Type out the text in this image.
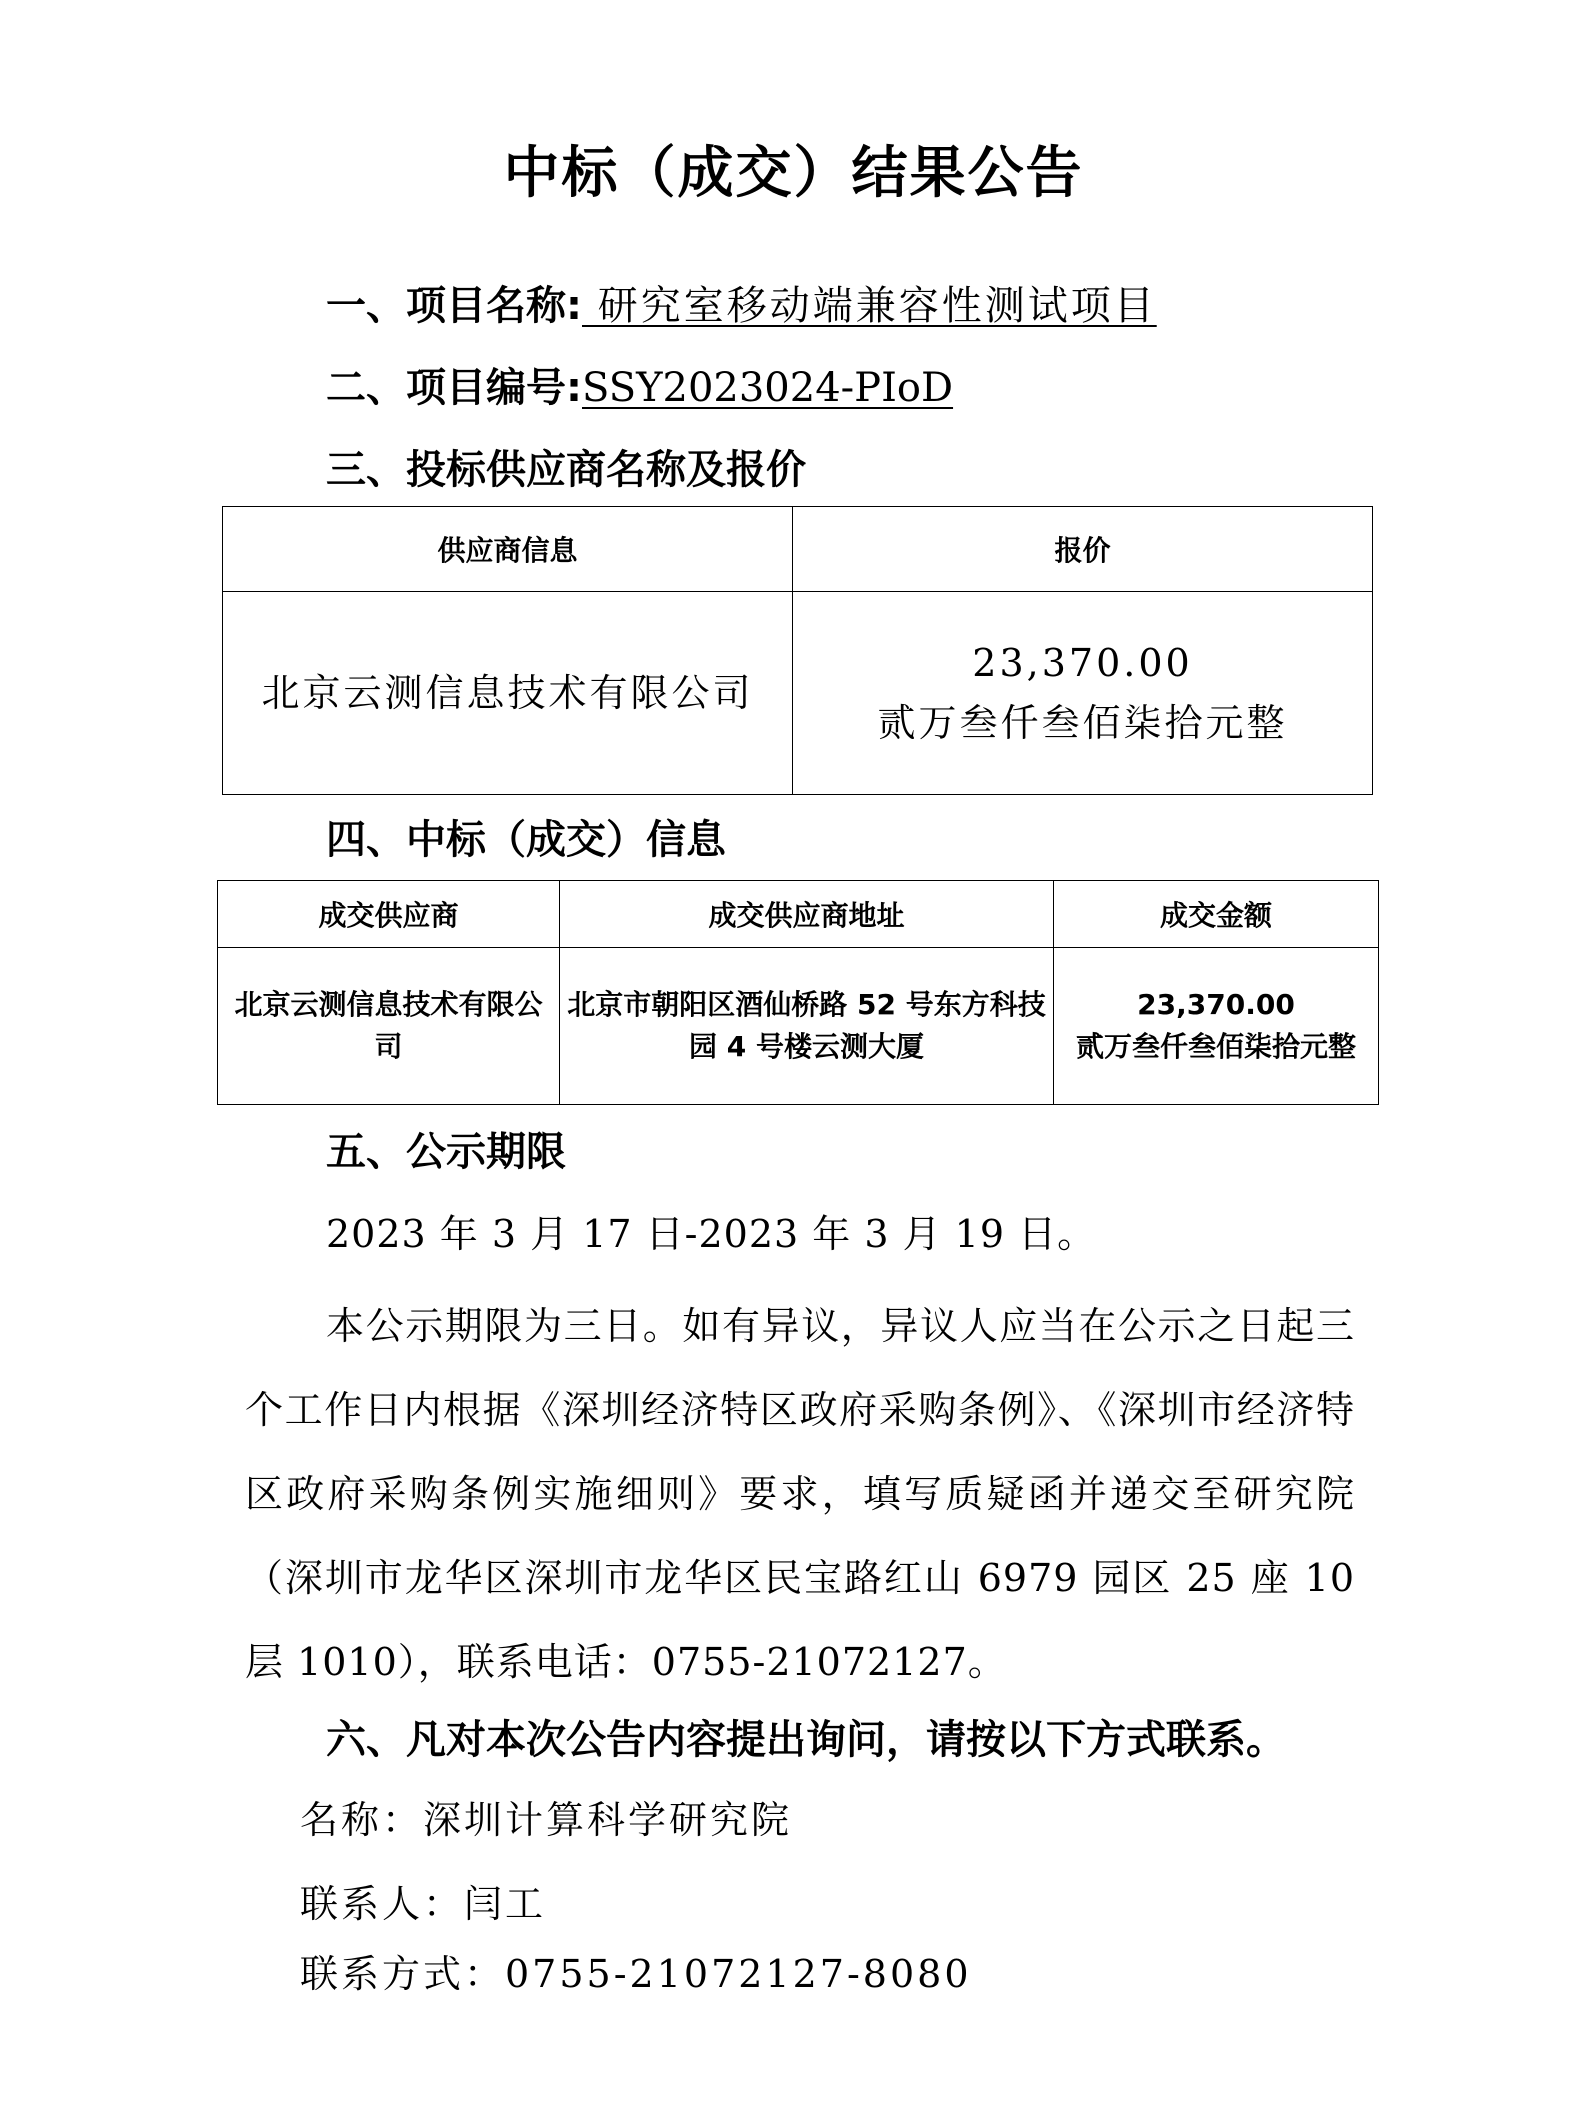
中标（成交）结果公告
一、项目名称: 研究室移动端兼容性测试项目
二、项目编号:SSY2023024-PIoD
三、投标供应商名称及报价
供应商信息	报价
北京云测信息技术有限公司	23,370.00
贰万叁仟叁佰柒拾元整
四、中标（成交）信息
成交供应商	成交供应商地址	成交金额
北京云测信息技术有限公司	北京市朝阳区酒仙桥路 52 号东方科技园 4 号楼云测大厦	23,370.00
贰万叁仟叁佰柒拾元整
五、公示期限

2023 年 3 月 17 日-2023 年 3 月 19 日。

本公示期限为三日。如有异议，异议人应当在公示之日起三个工作日内根据《深圳经济特区政府采购条例》、《深圳市经济特区政府采购条例实施细则》要求，填写质疑函并递交至研究院（深圳市龙华区深圳市龙华区民宝路红山 6979 园区 25 座 10 层 1010），联系电话：0755-21072127。

六、凡对本次公告内容提出询问，请按以下方式联系。

名称：深圳计算科学研究院

联系人：闫工

联系方式：0755-21072127-8080
